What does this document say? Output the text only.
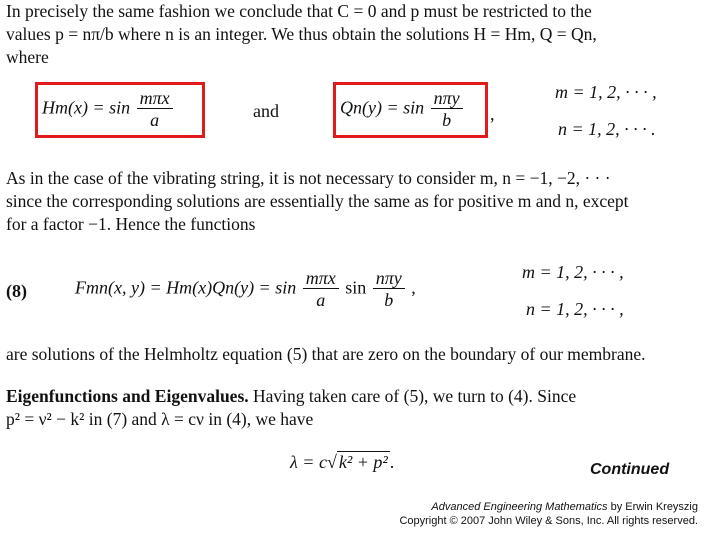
In precisely the same fashion we conclude that C = 0 and p must be restricted to the
values p = nπ/b where n is an integer. We thus obtain the solutions H = Hm, Q = Qn,
where
$Hm(x) = \sin \frac{\text{mπx}}{a}$	and	$Qn(y) = \sin \frac{\text{nπy}}{b}$ ,
m = 1, 2, · · · ,
n = 1, 2, · · · .
As in the case of the vibrating string, it is not necessary to consider m, n = −1, −2, · · ·
since the corresponding solutions are essentially the same as for positive m and n, except
for a factor −1. Hence the functions
(8)	Fmn(x, $y) = Hm(x)Qn(y) = \sin \frac{\text{mπx}}{a}$ $\sin \frac{\text{nπy}}{b}$ ,
m = 1, 2, · · · ,
n = 1, 2, · · · ,
are solutions of the Helmholtz equation (5) that are zero on the boundary of our membrane.
Eigenfunctions and Eigenvalues. Having taken care of (5), we turn to (4). Since
p² = ν² − k² in (7) and λ = cν in (4), we have
λ = c√ k² + p² .	Continued
Advanced Engineering Mathematics by Erwin Kreyszig
Copyright © 2007 John Wiley & Sons, Inc. All rights reserved.
